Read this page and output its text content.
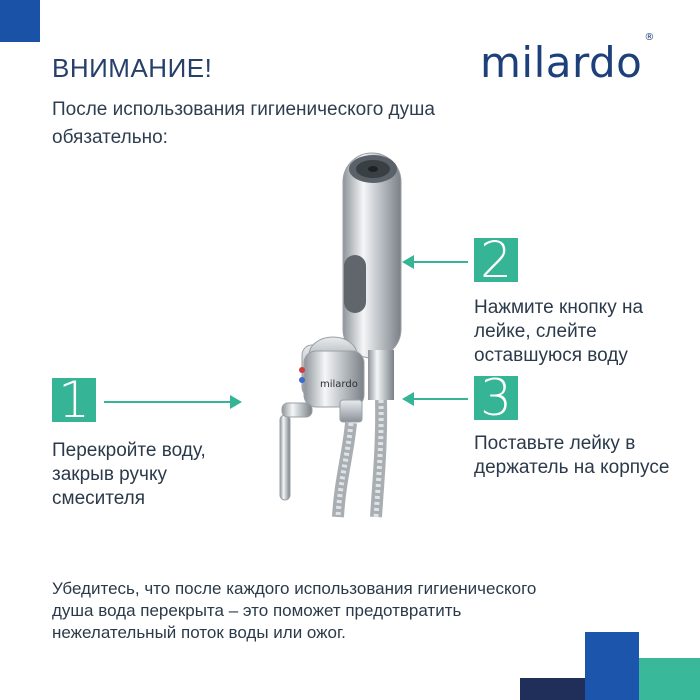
ВНИМАНИЕ!
После использования гигиенического душа обязательно:
milardo®
milardo
1
2
3
Перекройте воду, закрыв ручку смесителя
Нажмите кнопку на лейке, слейте оставшуюся воду
Поставьте лейку в держатель на корпусе
Убедитесь, что после каждого использования гигиенического душа вода перекрыта – это поможет предотвратить нежелательный поток воды или ожог.
